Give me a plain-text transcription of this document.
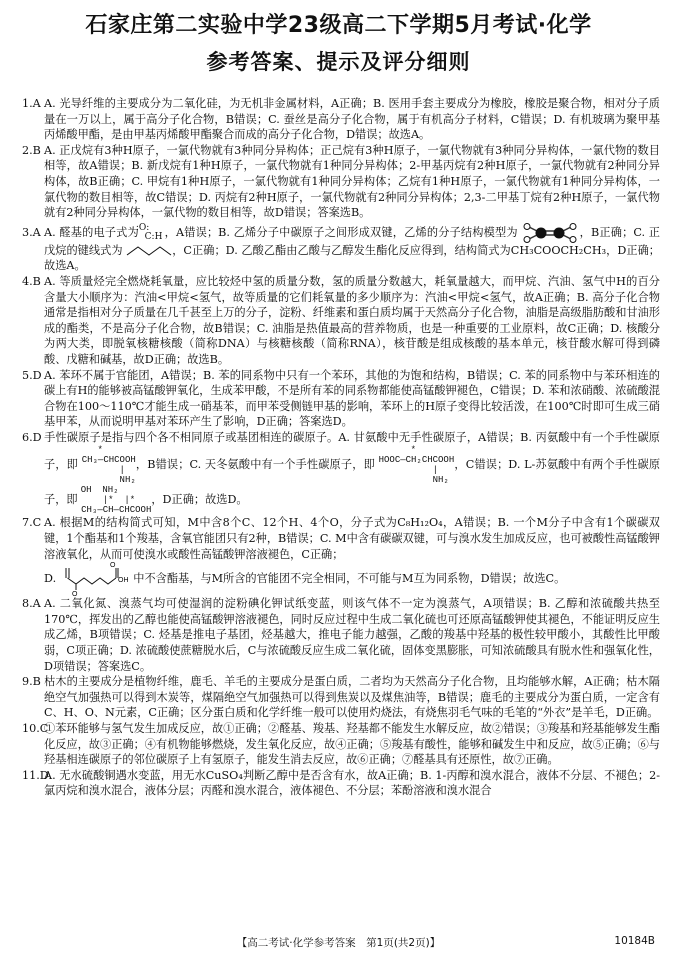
石家庄第二实验中学23级高二下学期5月考试·化学
参考答案、提示及评分细则
1.A A. 光导纤维的主要成分为二氧化硅，为无机非金属材料，A正确；B. 医用手套主要成分为橡胶，橡胶是聚合物，相对分子质量在一万以上，属于高分子化合物，B错误；C. 蚕丝是高分子化合物，属于有机高分子材料，C错误；D. 有机玻璃为聚甲基丙烯酸甲酯，是由甲基丙烯酸甲酯聚合而成的高分子化合物，D错误；故选A。
2.B A. 正戊烷有3种H原子，一氯代物就有3种同分异构体；正己烷有3种H原子，一氯代物就有3种同分异构体，一氯代物的数目相等，故A错误；B. 新戊烷有1种H原子，一氯代物就有1种同分异构体；2-甲基丙烷有2种H原子，一氯代物就有2种同分异构体，故B正确；C. 甲烷有1种H原子，一氯代物就有1种同分异构体；乙烷有1种H原子，一氯代物就有1种同分异构体，一氯代物的数目相等，故C错误；D. 丙烷有2种H原子，一氯代物就有2种同分异构体；2,3-二甲基丁烷有2种H原子，一氯代物就有2种同分异构体，一氯代物的数目相等，故D错误；答案选B。
3.A A. 醛基的电子式为 :O:
C:H ，A错误；B. 乙烯分子中碳原子之间形成双键，乙烯的分子结构模型为	，B正确；C. 正戊烷的键线式为	，C正确；D. 乙酸乙酯由乙酸与乙醇发生酯化反应得到，结构简式为CH₃COOCH₂CH₃，D正确；故选A。
4.B A. 等质量烃完全燃烧耗氧量，应比较烃中氢的质量分数，氢的质量分数越大，耗氧量越大，而甲烷、汽油、氢气中H的百分含量大小顺序为：汽油<甲烷<氢气，故等质量的它们耗氧量的多少顺序为：汽油<甲烷<氢气，故A正确；B. 高分子化合物通常是指相对分子质量在几千甚至上万的分子，淀粉、纤维素和蛋白质均属于天然高分子化合物，油脂是高级脂肪酸和甘油形成的酯类，不是高分子化合物，故B错误；C. 油脂是热值最高的营养物质，也是一种重要的工业原料，故C正确；D. 核酸分为两大类，即脱氧核糖核酸（简称DNA）与核糖核酸（简称RNA），核苷酸是组成核酸的基本单元，核苷酸水解可得到磷酸、戊糖和碱基，故D正确；故选B。
5.D A. 苯环不属于官能团，A错误；B. 苯的同系物中只有一个苯环，其他的为饱和结构，B错误；C. 苯的同系物中与苯环相连的碳上有H的能够被高锰酸钾氧化，生成苯甲酸，不是所有苯的同系物都能使高锰酸钾褪色，C错误；D. 苯和浓硝酸、浓硫酸混合物在100～110℃才能生成一硝基苯，而甲苯受侧链甲基的影响，苯环上的H原子变得比较活泼，在100℃时即可生成三硝基甲苯，从而说明甲基对苯环产生了影响，D正确；答案选D。
6.D 手性碳原子是指与四个各不相同原子或基团相连的碳原子。A. 甘氨酸中无手性碳原子，A错误；B. 丙氨酸中有一个手性碳原子，即        *
CH₃—CHCOOH
|
NH₂，B错误；C. 天冬氨酸中有一个手性碳原子，即           *
HOOC—CH₂CHCOOH
|
NH₂，C错误；D. L-苏氨酸中有两个手性碳原子，即     OH  NH₂
|*  |*
CH₃—CH—CHCOOH，D正确；故选D。
7.C A. 根据M的结构简式可知，M中含8个C、12个H、4个O，分子式为C₈H₁₂O₄，A错误；B. 一个M分子中含有1个碳碳双键，1个酯基和1个羧基，含氧官能团只有2种，B错误；C. M中含有碳碳双键，可与溴水发生加成反应，也可被酸性高锰酸钾溶液氧化，从而可使溴水或酸性高锰酸钾溶液褪色，C正确；
D.
O
OH
O
中不含酯基，与M所含的官能团不完全相同，不可能与M互为同系物，D错误；故选C。
8.A A. 二氧化氮、溴蒸气均可使湿润的淀粉碘化钾试纸变蓝，则该气体不一定为溴蒸气，A项错误；B. 乙醇和浓硫酸共热至170℃，挥发出的乙醇也能使高锰酸钾溶液褪色，同时反应过程中生成二氧化硫也可还原高锰酸钾使其褪色，不能证明反应生成乙烯，B项错误；C. 烃基是推电子基团，烃基越大，推电子能力越强，乙酸的羧基中羟基的极性较甲酸小，其酸性比甲酸弱，C项正确；D. 浓硫酸使蔗糖脱水后，C与浓硫酸反应生成二氧化硫，固体变黑膨胀，可知浓硫酸具有脱水性和强氧化性，D项错误；答案选C。
9.B 枯木的主要成分是植物纤维，鹿毛、羊毛的主要成分是蛋白质，二者均为天然高分子化合物，且均能够水解，A正确；枯木隔绝空气加强热可以得到木炭等，煤隔绝空气加强热可以得到焦炭以及煤焦油等，B错误；鹿毛的主要成分为蛋白质，一定含有C、H、O、N元素，C正确；区分蛋白质和化学纤维一般可以使用灼烧法，有烧焦羽毛气味的毛笔的“外衣”是羊毛，D正确。
10.C①苯环能够与氢气发生加成反应，故①正确；②醛基、羧基、羟基都不能发生水解反应，故②错误；③羧基和羟基能够发生酯化反应，故③正确；④有机物能够燃烧，发生氧化反应，故④正确；⑤羧基有酸性，能够和碱发生中和反应，故⑤正确；⑥与羟基相连碳原子的邻位碳原子上有氢原子，能发生消去反应，故⑥正确；⑦醛基具有还原性，故⑦正确。
11.DA. 无水硫酸铜遇水变蓝，用无水CuSO₄判断乙醇中是否含有水，故A正确；B. 1-丙醇和溴水混合，液体不分层、不褪色；2-氯丙烷和溴水混合，液体分层；丙醛和溴水混合，液体褪色、不分层；苯酚溶液和溴水混合
【高二考试·化学参考答案　第1页(共2页)】	10184B
